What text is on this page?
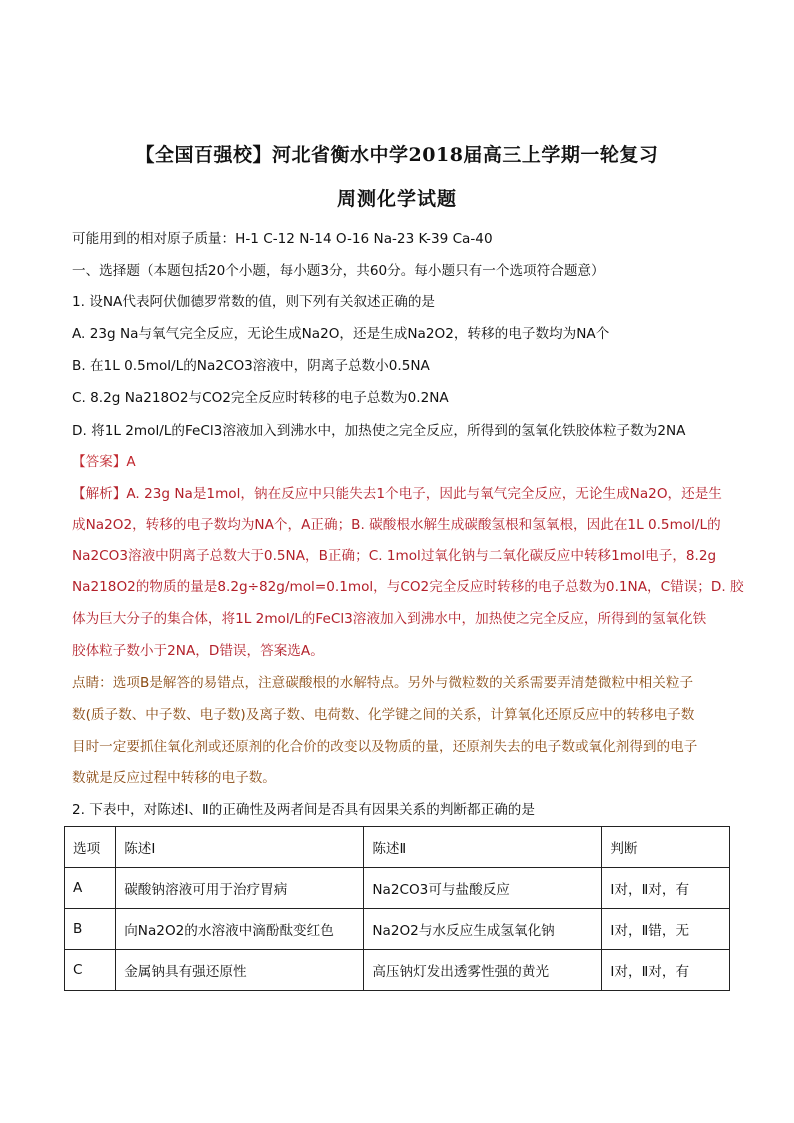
【全国百强校】河北省衡水中学2018届高三上学期一轮复习
周测化学试题
可能用到的相对原子质量：H-1 C-12 N-14 O-16 Na-23 K-39 Ca-40
一、选择题（本题包括20个小题，每小题3分，共60分。每小题只有一个选项符合题意）
1. 设NA代表阿伏伽德罗常数的值，则下列有关叙述正确的是
A. 23g Na与氧气完全反应，无论生成Na2O，还是生成Na2O2，转移的电子数均为NA个
B. 在1L 0.5mol/L的Na2CO3溶液中，阴离子总数小0.5NA
C. 8.2g Na218O2与CO2完全反应时转移的电子总数为0.2NA
D. 将1L 2mol/L的FeCl3溶液加入到沸水中，加热使之完全反应，所得到的氢氧化铁胶体粒子数为2NA
【答案】A
【解析】A. 23g Na是1mol，钠在反应中只能失去1个电子，因此与氧气完全反应，无论生成Na2O，还是生
成Na2O2，转移的电子数均为NA个，A正确；B. 碳酸根水解生成碳酸氢根和氢氧根，因此在1L 0.5mol/L的
Na2CO3溶液中阴离子总数大于0.5NA，B正确；C. 1mol过氧化钠与二氧化碳反应中转移1mol电子，8.2g
Na218O2的物质的量是8.2g÷82g/mol=0.1mol，与CO2完全反应时转移的电子总数为0.1NA，C错误；D. 胶
体为巨大分子的集合体，将1L 2mol/L的FeCl3溶液加入到沸水中，加热使之完全反应，所得到的氢氧化铁
胶体粒子数小于2NA，D错误，答案选A。
点睛：选项B是解答的易错点，注意碳酸根的水解特点。另外与微粒数的关系需要弄清楚微粒中相关粒子
数(质子数、中子数、电子数)及离子数、电荷数、化学键之间的关系，计算氧化还原反应中的转移电子数
目时一定要抓住氧化剂或还原剂的化合价的改变以及物质的量，还原剂失去的电子数或氧化剂得到的电子
数就是反应过程中转移的电子数。
2. 下表中，对陈述Ⅰ、Ⅱ的正确性及两者间是否具有因果关系的判断都正确的是
选项	陈述Ⅰ	陈述Ⅱ	判断
A	碳酸钠溶液可用于治疗胃病	Na2CO3可与盐酸反应	Ⅰ对，Ⅱ对，有
B	向Na2O2的水溶液中滴酚酞变红色	Na2O2与水反应生成氢氧化钠	Ⅰ对，Ⅱ错，无
C	金属钠具有强还原性	高压钠灯发出透雾性强的黄光	Ⅰ对，Ⅱ对，有
